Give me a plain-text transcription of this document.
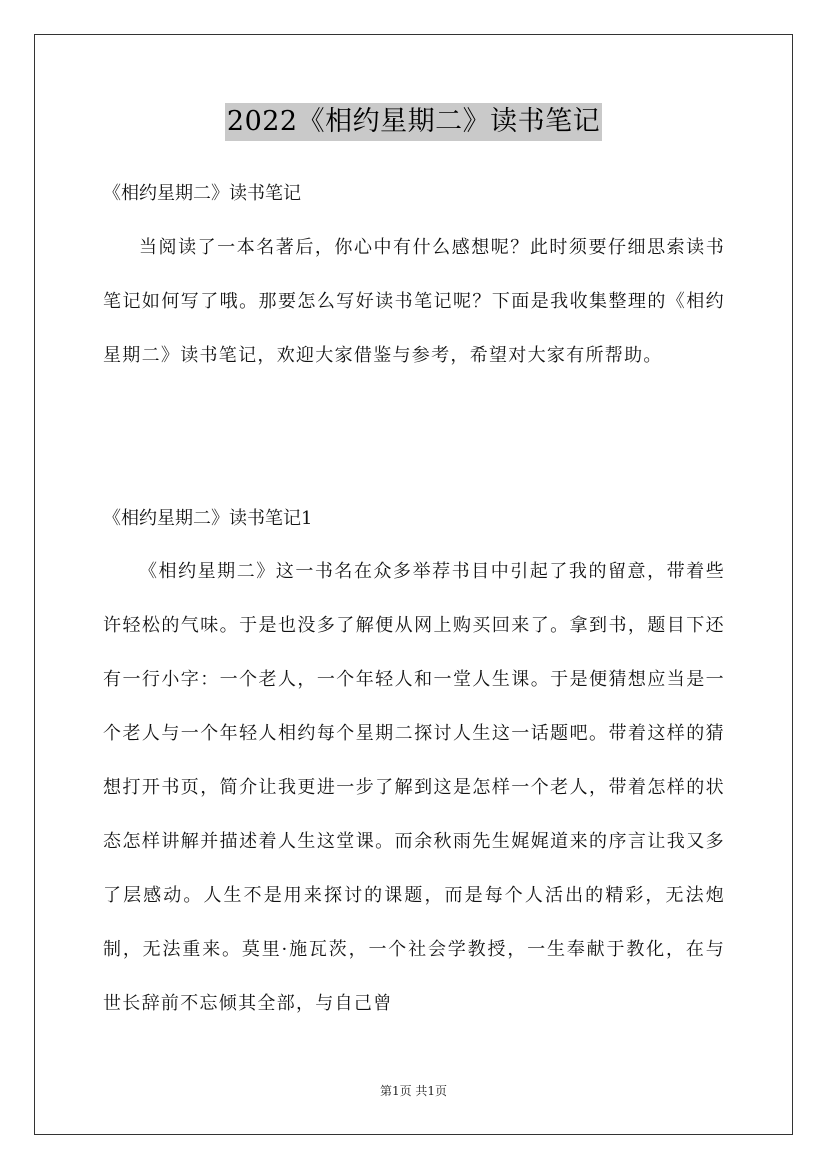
2022《相约星期二》读书笔记

《相约星期二》读书笔记

当阅读了一本名著后，你心中有什么感想呢？此时须要仔细思索读书笔记如何写了哦。那要怎么写好读书笔记呢？下面是我收集整理的《相约星期二》读书笔记，欢迎大家借鉴与参考，希望对大家有所帮助。

《相约星期二》读书笔记1

《相约星期二》这一书名在众多举荐书目中引起了我的留意，带着些许轻松的气味。于是也没多了解便从网上购买回来了。拿到书，题目下还有一行小字：一个老人，一个年轻人和一堂人生课。于是便猜想应当是一个老人与一个年轻人相约每个星期二探讨人生这一话题吧。带着这样的猜想打开书页，简介让我更进一步了解到这是怎样一个老人，带着怎样的状态怎样讲解并描述着人生这堂课。而余秋雨先生娓娓道来的序言让我又多了层感动。人生不是用来探讨的课题，而是每个人活出的精彩，无法炮制，无法重来。莫里·施瓦茨，一个社会学教授，一生奉献于教化，在与世长辞前不忘倾其全部，与自己曾

第1页 共1页
